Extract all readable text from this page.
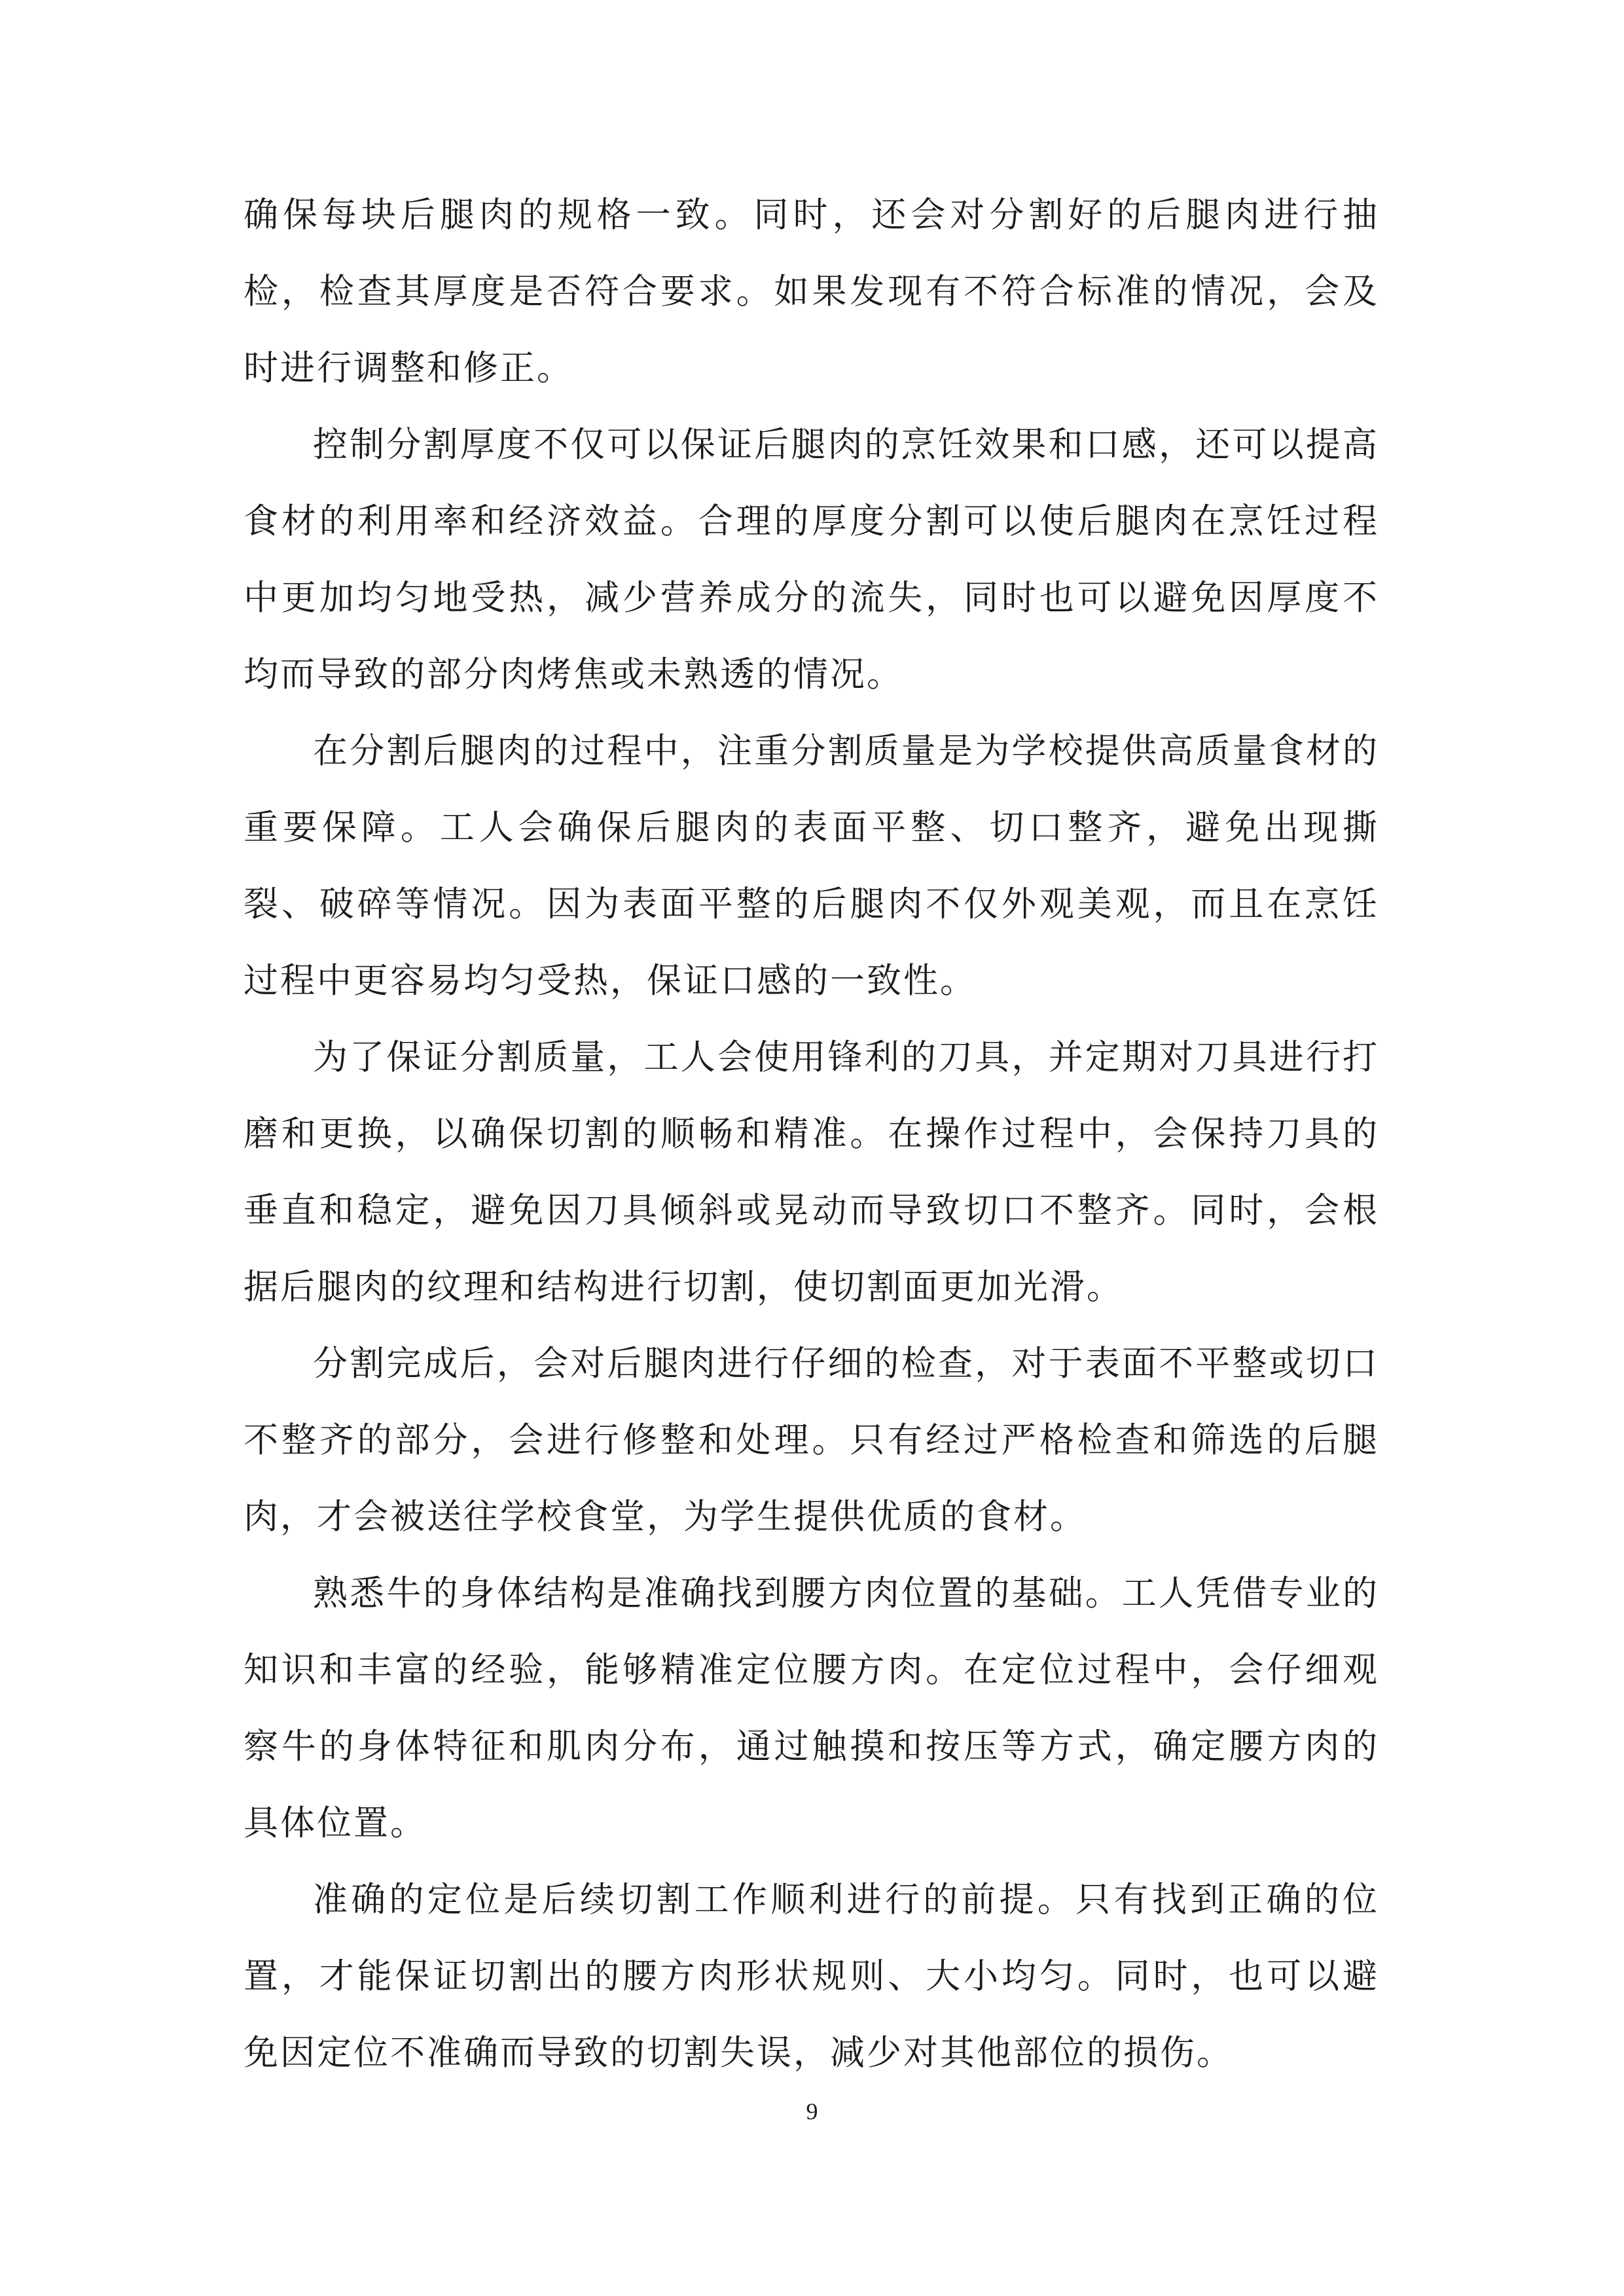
确保每块后腿肉的规格一致。同时，还会对分割好的后腿肉进行抽检，检查其厚度是否符合要求。如果发现有不符合标准的情况，会及时进行调整和修正。

控制分割厚度不仅可以保证后腿肉的烹饪效果和口感，还可以提高食材的利用率和经济效益。合理的厚度分割可以使后腿肉在烹饪过程中更加均匀地受热，减少营养成分的流失，同时也可以避免因厚度不均而导致的部分肉烤焦或未熟透的情况。

在分割后腿肉的过程中，注重分割质量是为学校提供高质量食材的重要保障。工人会确保后腿肉的表面平整、切口整齐，避免出现撕裂、破碎等情况。因为表面平整的后腿肉不仅外观美观，而且在烹饪过程中更容易均匀受热，保证口感的一致性。

为了保证分割质量，工人会使用锋利的刀具，并定期对刀具进行打磨和更换，以确保切割的顺畅和精准。在操作过程中，会保持刀具的垂直和稳定，避免因刀具倾斜或晃动而导致切口不整齐。同时，会根据后腿肉的纹理和结构进行切割，使切割面更加光滑。

分割完成后，会对后腿肉进行仔细的检查，对于表面不平整或切口不整齐的部分，会进行修整和处理。只有经过严格检查和筛选的后腿肉，才会被送往学校食堂，为学生提供优质的食材。

熟悉牛的身体结构是准确找到腰方肉位置的基础。工人凭借专业的知识和丰富的经验，能够精准定位腰方肉。在定位过程中，会仔细观察牛的身体特征和肌肉分布，通过触摸和按压等方式，确定腰方肉的具体位置。

准确的定位是后续切割工作顺利进行的前提。只有找到正确的位置，才能保证切割出的腰方肉形状规则、大小均匀。同时，也可以避免因定位不准确而导致的切割失误，减少对其他部位的损伤。

9
